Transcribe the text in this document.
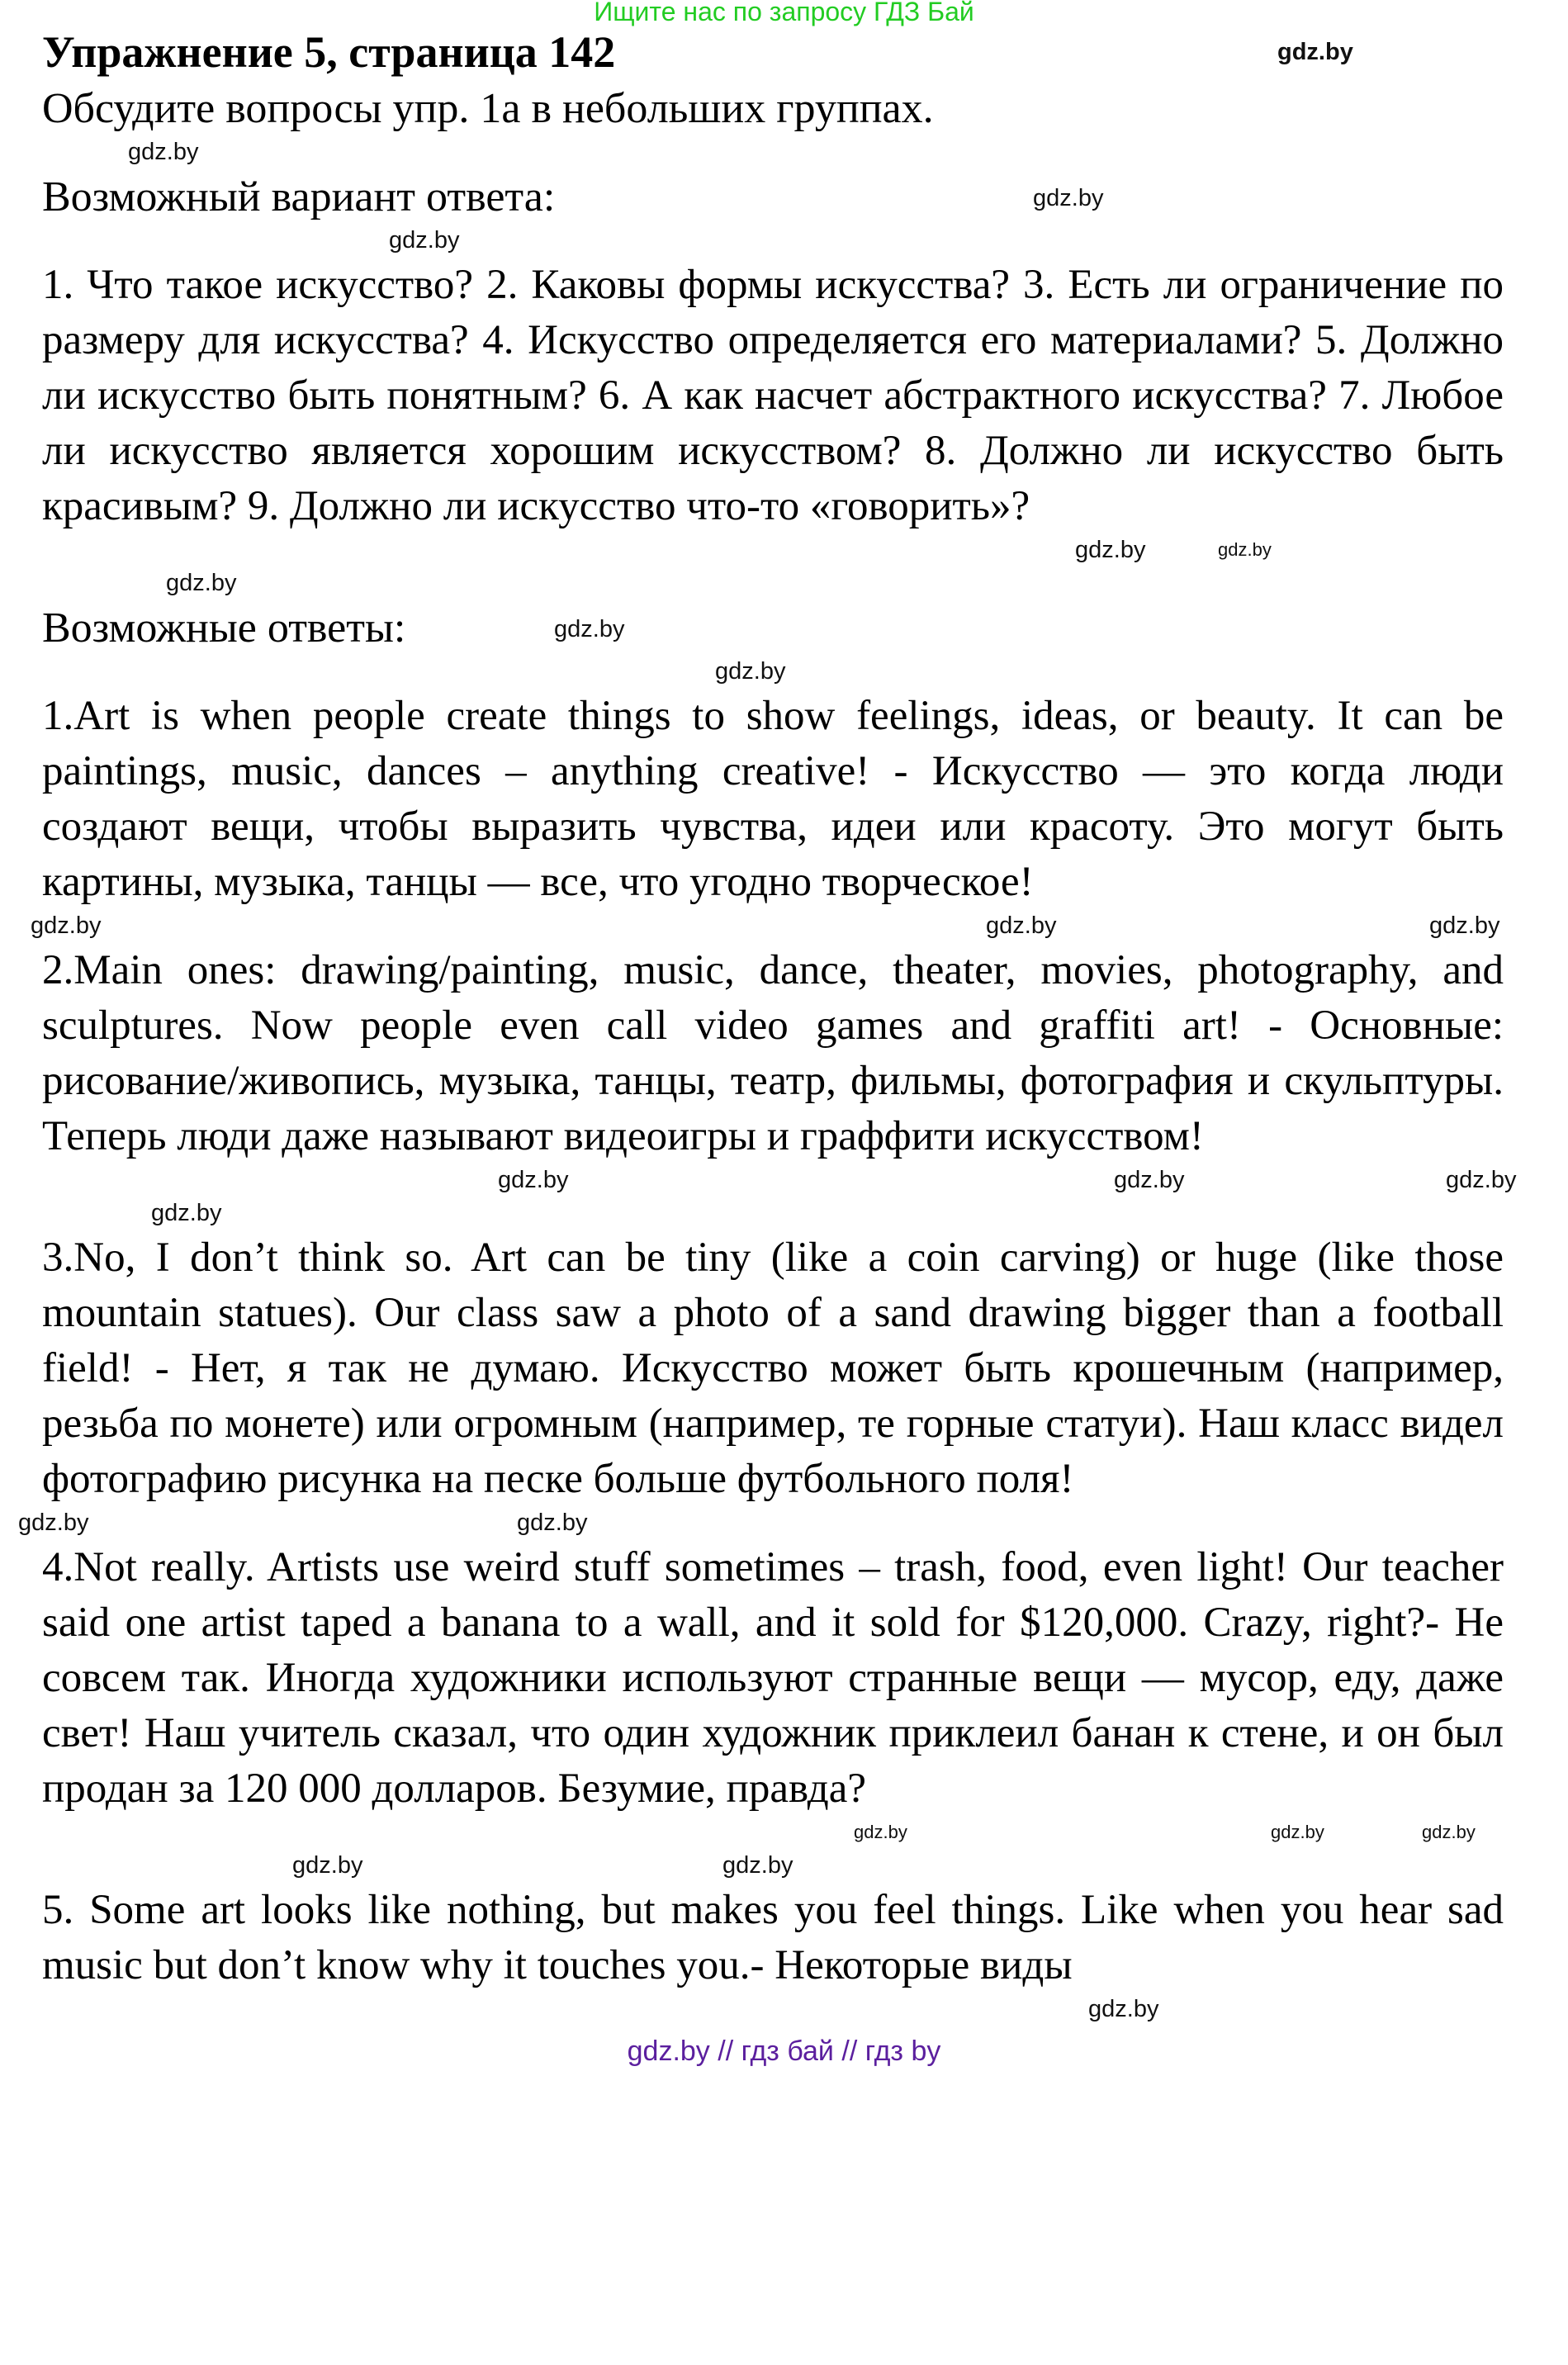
Ищите нас по запросу ГДЗ Бай
Упражнение 5, страница 142	gdz.by
Обсудите вопросы упр. 1а в небольших группах.
gdz.by
Возможный вариант ответа:	gdz.by
gdz.by
1. Что такое искусство? 2. Каковы формы искусства? 3. Есть ли ограничение по размеру для искусства? 4. Искусство определяется его материалами? 5. Должно ли искусство быть понятным? 6. А как насчет абстрактного искусства? 7. Любое ли искусство является хорошим искусством? 8. Должно ли искусство быть красивым? 9. Должно ли искусство что-то «говорить»?
gdz.by
gdz.by
gdz.by
Возможные ответы:	gdz.by
gdz.by
1.Art is when people create things to show feelings, ideas, or beauty. It can be paintings, music, dances – anything creative! - Искусство — это когда люди создают вещи, чтобы выразить чувства, идеи или красоту. Это могут быть картины, музыка, танцы — все, что угодно творческое!
gdz.by
gdz.by	gdz.by
2.Main ones: drawing/painting, music, dance, theater, movies, photography, and sculptures. Now people even call video games and graffiti art! - Основные: рисование/живопись, музыка, танцы, театр, фильмы, фотография и скульптуры. Теперь люди даже называют видеоигры и граффити искусством!
gdz.by
gdz.by
gdz.by
gdz.by
3.No, I don’t think so. Art can be tiny (like a coin carving) or huge (like those mountain statues). Our class saw a photo of a sand drawing bigger than a football field! - Нет, я так не думаю. Искусство может быть крошечным (например, резьба по монете) или огромным (например, те горные статуи). Наш класс видел фотографию рисунка на песке больше футбольного поля!
gdz.by
gdz.by
4.Not really. Artists use weird stuff sometimes – trash, food, even light! Our teacher said one artist taped a banana to a wall, and it sold for $120,000. Crazy, right?- Не совсем так. Иногда художники используют странные вещи — мусор, еду, даже свет! Наш учитель сказал, что один художник приклеил банан к стене, и он был продан за 120 000 долларов. Безумие, правда?
gdz.by
gdz.by	gdz.by
gdz.by	gdz.by
5. Some art looks like nothing, but makes you feel things. Like when you hear sad music but don’t know why it touches you.- Некоторые виды
gdz.by
gdz.by // гдз бай // гдз by
